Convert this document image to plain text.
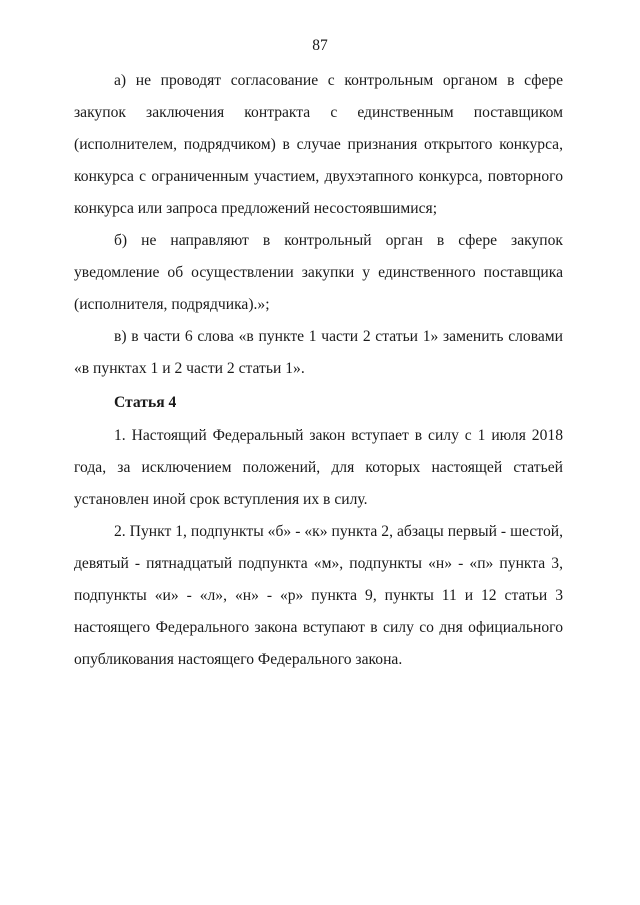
87

а) не проводят согласование с контрольным органом в сфере закупок заключения контракта с единственным поставщиком (исполнителем, подрядчиком) в случае признания открытого конкурса, конкурса с ограниченным участием, двухэтапного конкурса, повторного конкурса или запроса предложений несостоявшимися;

б) не направляют в контрольный орган в сфере закупок уведомление об осуществлении закупки у единственного поставщика (исполнителя, подрядчика).»;

в) в части 6 слова «в пункте 1 части 2 статьи 1» заменить словами «в пунктах 1 и 2 части 2 статьи 1».

Статья 4

1. Настоящий Федеральный закон вступает в силу с 1 июля 2018 года, за исключением положений, для которых настоящей статьей установлен иной срок вступления их в силу.

2. Пункт 1, подпункты «б» - «к» пункта 2, абзацы первый - шестой, девятый - пятнадцатый подпункта «м», подпункты «н» - «п» пункта 3, подпункты «и» - «л», «н» - «р» пункта 9, пункты 11 и 12 статьи 3 настоящего Федерального закона вступают в силу со дня официального опубликования настоящего Федерального закона.
